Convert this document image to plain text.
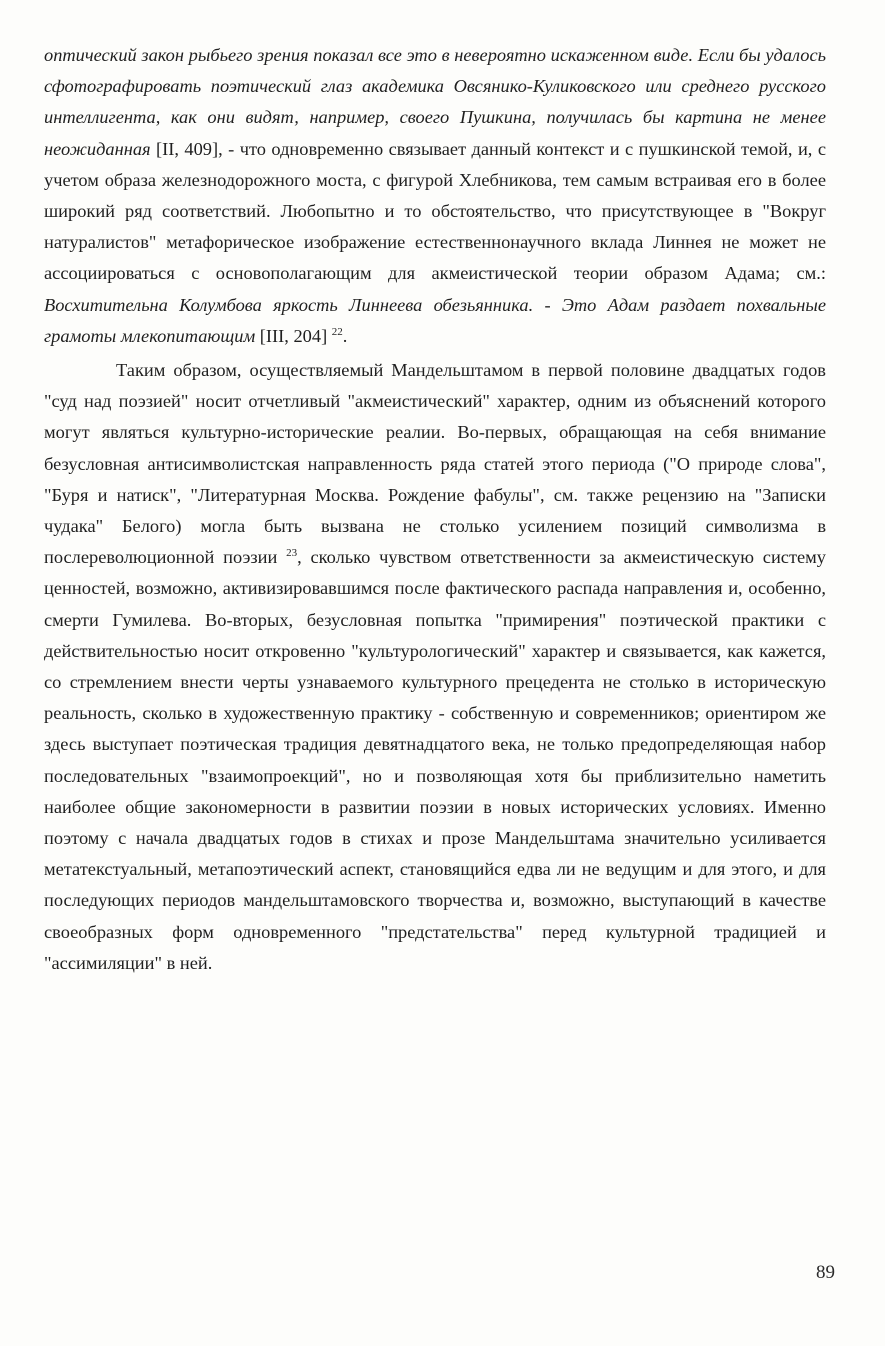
оптический закон рыбьего зрения показал все это в невероятно искаженном виде. Если бы удалось сфотографировать поэтический глаз академика Овсянико-Куликовского или среднего русского интеллигента, как они видят, например, своего Пушкина, получилась бы картина не менее неожиданная [II, 409], - что одновременно связывает данный контекст и с пушкинской темой, и, с учетом образа железнодорожного моста, с фигурой Хлебникова, тем самым встраивая его в более широкий ряд соответствий. Любопытно и то обстоятельство, что присутствующее в "Вокруг натуралистов" метафорическое изображение естественнонаучного вклада Линнея не может не ассоциироваться с основополагающим для акмеистической теории образом Адама; см.: Восхитительна Колумбова яркость Линнеева обезьянника. - Это Адам раздает похвальные грамоты млекопитающим [III, 204] $^{22}$.

Таким образом, осуществляемый Мандельштамом в первой половине двадцатых годов "суд над поэзией" носит отчетливый "акмеистический" характер, одним из объяснений которого могут являться культурно-исторические реалии. Во-первых, обращающая на себя внимание безусловная антисимволистская направленность ряда статей этого периода ("О природе слова", "Буря и натиск", "Литературная Москва. Рождение фабулы", см. также рецензию на "Записки чудака" Белого) могла быть вызвана не столько усилением позиций символизма в послереволюционной поэзии $^{23}$, сколько чувством ответственности за акмеистическую систему ценностей, возможно, активизировавшимся после фактического распада направления и, особенно, смерти Гумилева. Во-вторых, безусловная попытка "примирения" поэтической практики с действительностью носит откровенно "культурологический" характер и связывается, как кажется, со стремлением внести черты узнаваемого культурного прецедента не столько в историческую реальность, сколько в художественную практику - собственную и современников; ориентиром же здесь выступает поэтическая традиция девятнадцатого века, не только предопределяющая набор последовательных "взаимопроекций", но и позволяющая хотя бы приблизительно наметить наиболее общие закономерности в развитии поэзии в новых исторических условиях. Именно поэтому с начала двадцатых годов в стихах и прозе Мандельштама значительно усиливается метатекстуальный, метапоэтический аспект, становящийся едва ли не ведущим и для этого, и для последующих периодов мандельштамовского творчества и, возможно, выступающий в качестве своеобразных форм одновременного "предстательства" перед культурной традицией и "ассимиляции" в ней.

89
